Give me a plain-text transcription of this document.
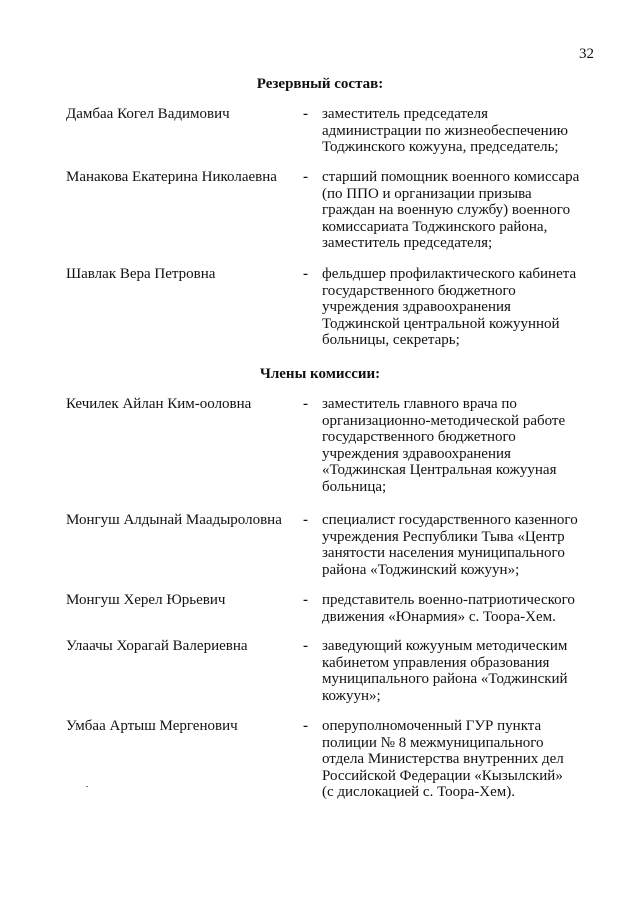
32
Резервный состав:
Дамбаа Когел Вадимович	- заместитель председателя
администрации по жизнеобеспечению
Тоджинского кожууна, председатель;
Манакова Екатерина Николаевна - старший помощник военного комиссара
(по ППО и организации призыва
граждан на военную службу) военного
комиссариата Тоджинского района,
заместитель председателя;
Шавлак Вера Петровна	- фельдшер профилактического кабинета
государственного бюджетного
учреждения здравоохранения
Тоджинской центральной кожуунной
больницы, секретарь;
Члены комиссии:
Кечилек Айлан Ким-ооловна	- заместитель главного врача по
организационно-методической работе
государственного бюджетного
учреждения здравоохранения
«Тоджинская Центральная кожууная
больница;
Монгуш Алдынай Маадыроловна - специалист государственного казенного
учреждения Республики Тыва «Центр
занятости населения муниципального
района «Тоджинский кожуун»;
Монгуш Херел Юрьевич	- представитель военно-патриотического
движения «Юнармия» с. Тоора-Хем.
Улаачы Хорагай Валериевна	- заведующий кожууным методическим
кабинетом управления образования
муниципального района «Тоджинский
кожуун»;
Умбаа Артыш Мергенович	- оперуполномоченный ГУР пункта
полиции № 8 межмуниципального
отдела Министерства внутренних дел
Российской Федерации «Кызылский»
(с дислокацией с. Тоора-Хем).
